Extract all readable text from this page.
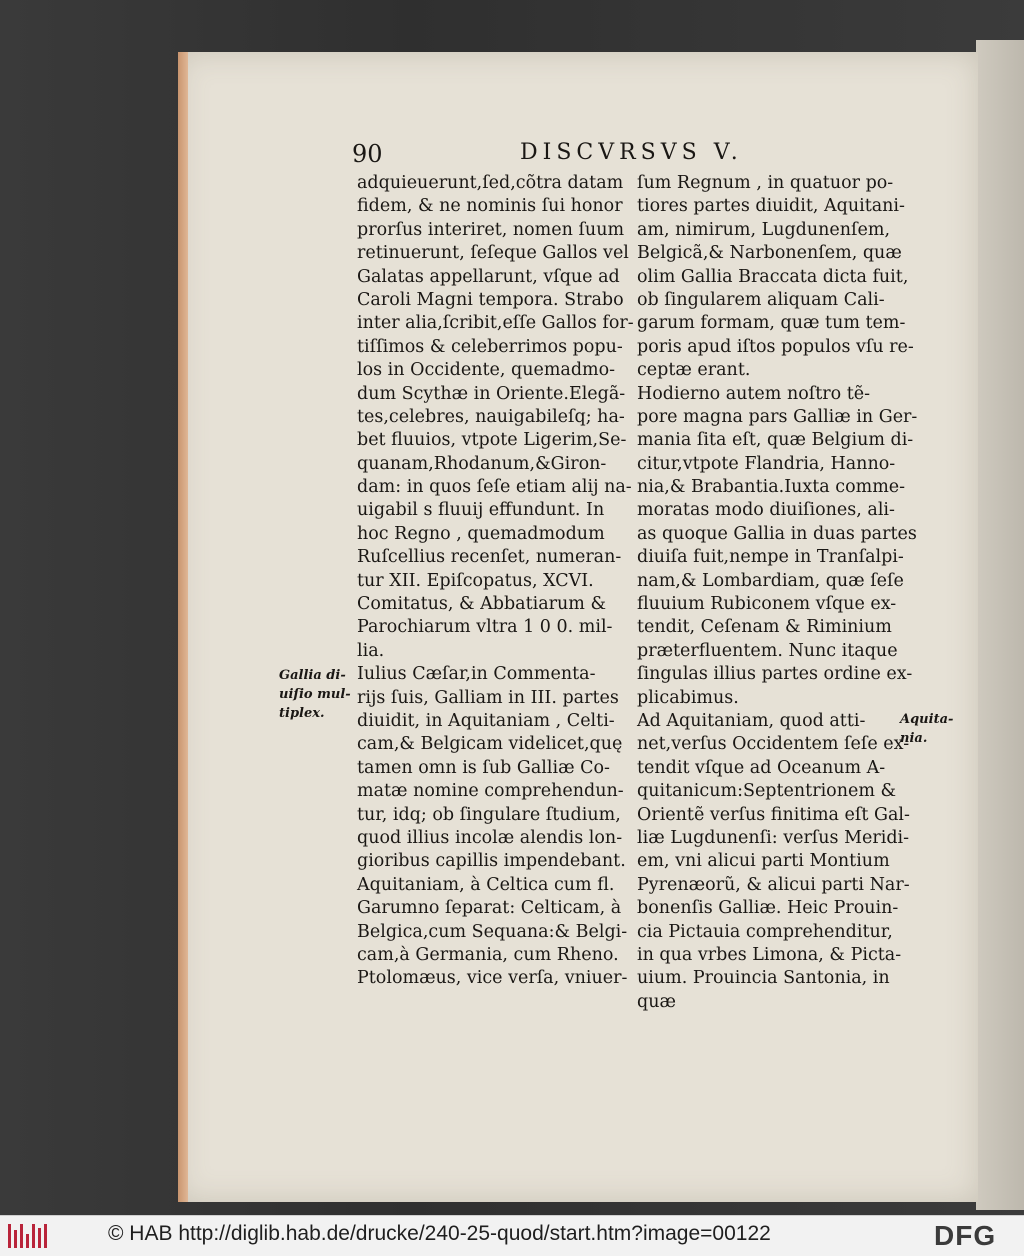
90	DISCVRSVS V.
adquieuerunt,ſed,cõtra datam
fidem, & ne nominis ſui honor
prorſus interiret, nomen ſuum
retinuerunt, ſeſeque Gallos vel
Galatas appellarunt, vſque ad
Caroli Magni tempora. Strabo
inter alia,ſcribit,eſſe Gallos for-
tiſſimos & celeberrimos popu-
los in Occidente, quemadmo-
dum Scythæ in Oriente.Elegã-
tes,celebres, nauigabileſq; ha-
bet fluuios, vtpote Ligerim,Se-
quanam,Rhodanum,&Giron-
dam: in quos ſeſe etiam alij na-
uigabil s fluuij effundunt. In
hoc Regno , quemadmodum
Ruſcellius recenſet, numeran-
tur XII. Epiſcopatus, XCVI.
Comitatus, & Abbatiarum &
Parochiarum vltra 1 0 0. mil-
lia.
Iulius Cæſar,in Commenta-
rijs ſuis, Galliam in III. partes
diuidit, in Aquitaniam , Celti-
cam,& Belgicam videlicet,quę
tamen omn is ſub Galliæ Co-
matæ nomine comprehendun-
tur, idq; ob ſingulare ſtudium,
quod illius incolæ alendis lon-
gioribus capillis impendebant.
Aquitaniam, à Celtica cum fl.
Garumno ſeparat: Celticam, à
Belgica,cum Sequana:& Belgi-
cam,à Germania, cum Rheno.
Ptolomæus, vice verſa, vniuer-
ſum Regnum , in quatuor po-
tiores partes diuidit, Aquitani-
am, nimirum, Lugdunenſem,
Belgicã,& Narbonenſem, quæ
olim Gallia Braccata dicta fuit,
ob ſingularem aliquam Cali-
garum formam, quæ tum tem-
poris apud iſtos populos vſu re-
ceptæ erant.
Hodierno autem noſtro tẽ-
pore magna pars Galliæ in Ger-
mania ſita eſt, quæ Belgium di-
citur,vtpote Flandria, Hanno-
nia,& Brabantia.Iuxta comme-
moratas modo diuiſiones, ali-
as quoque Gallia in duas partes
diuiſa fuit,nempe in Tranſalpi-
nam,& Lombardiam, quæ ſeſe
fluuium Rubiconem vſque ex-
tendit, Ceſenam & Riminium
præterfluentem. Nunc itaque
ſingulas illius partes ordine ex-
plicabimus.
Ad Aquitaniam, quod atti-
net,verſus Occidentem ſeſe ex-
tendit vſque ad Oceanum A-
quitanicum:Septentrionem &
Orientẽ verſus finitima eſt Gal-
liæ Lugdunenſi: verſus Meridi-
em, vni alicui parti Montium
Pyrenæorũ, & alicui parti Nar-
bonenſis Galliæ. Heic Prouin-
cia Pictauia comprehenditur,
in qua vrbes Limona, & Picta-
uium. Prouincia Santonia, in
quæ
Gallia di-
uiſio mul-
tiplex.	Aquita-
nia.
© HAB http://diglib.hab.de/drucke/240-25-quod/start.htm?image=00122	DFG
